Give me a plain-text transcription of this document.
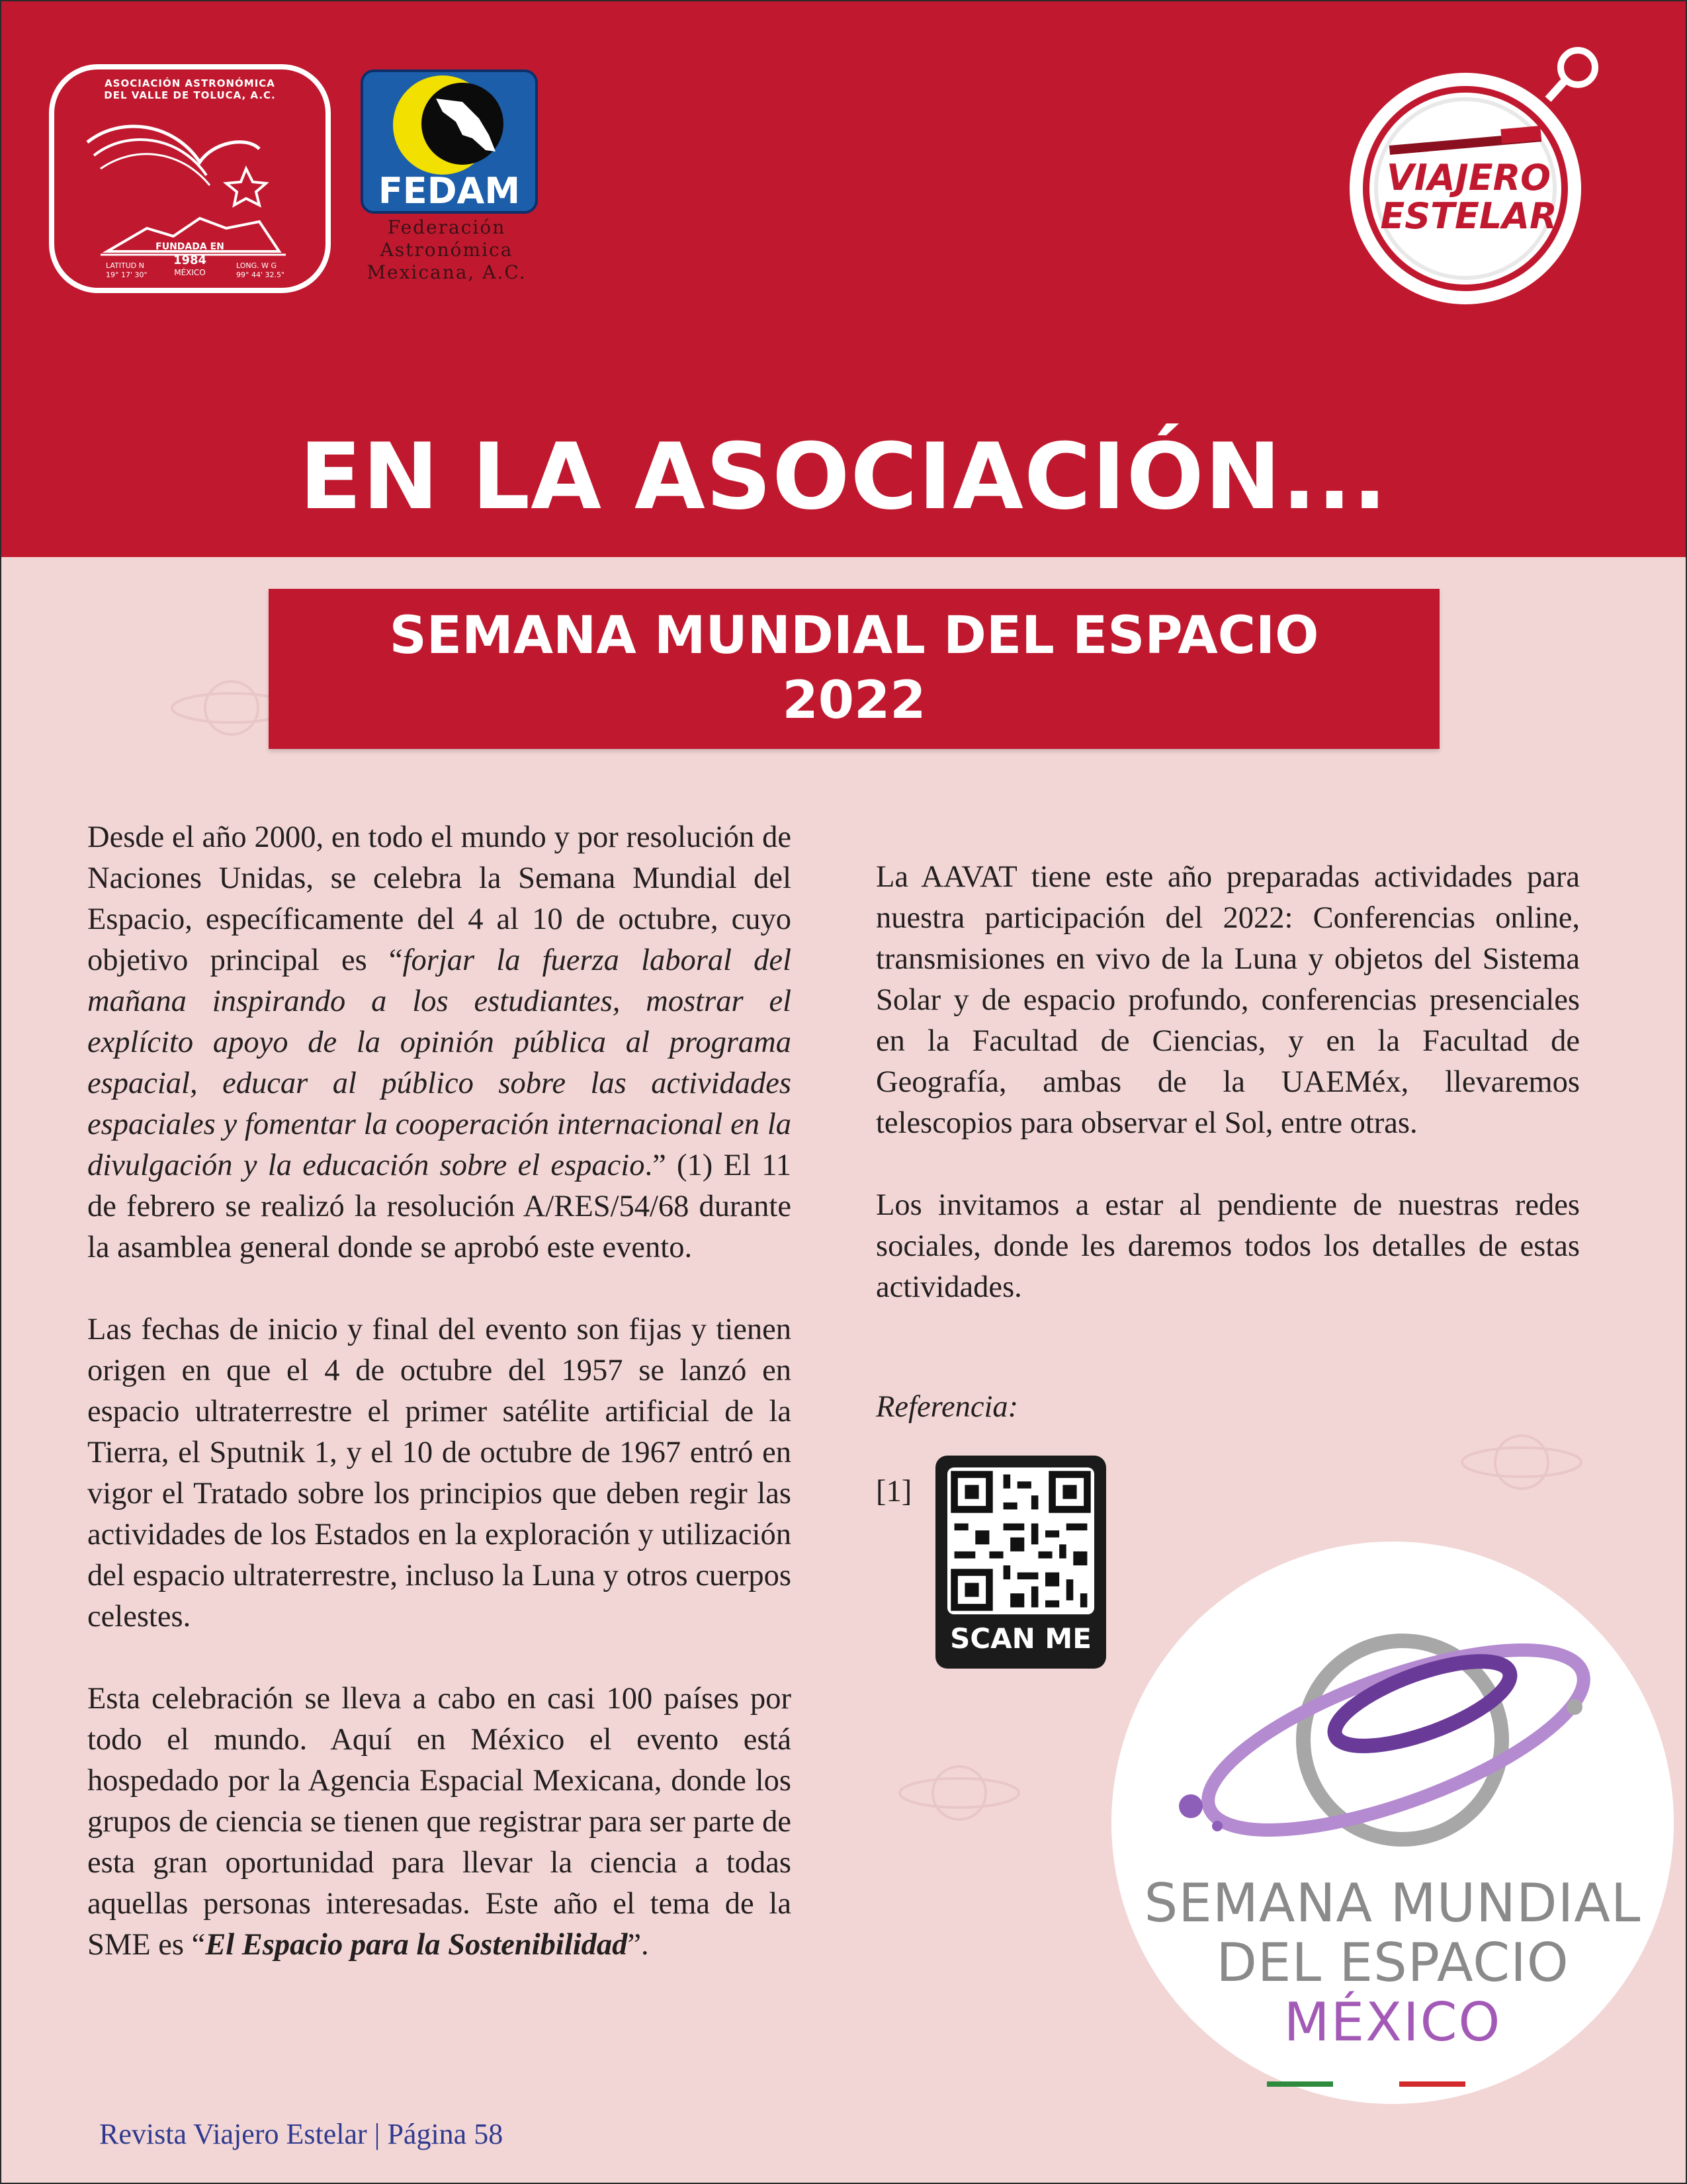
FUNDADA EN
1984
MÉXICO
LATITUD N
19° 17' 30"
LONG. W G
99° 44' 32.5"
ASOCIACIÓN ASTRONÓMICA DEL VALLE DE TOLUCA, A.C.
FEDAM
Federación
Astronómica
Mexicana, A.C.
VIAJERO
ESTELAR
EN LA ASOCIACIÓN...
SEMANA MUNDIAL DEL ESPACIO
2022

Desde el año 2000, en todo el mundo y por resolución de Naciones Unidas, se celebra la Semana Mundial del Espacio, específicamente del 4 al 10 de octubre, cuyo objetivo principal es “forjar la fuerza laboral del mañana inspirando a los estudiantes, mostrar el explícito apoyo de la opinión pública al programa espacial, educar al público sobre las actividades espaciales y fomentar la cooperación internacional en la divulgación y la educación sobre el espacio.” (1) El 11 de febrero se realizó la resolución A/RES/54/68 durante la asamblea general donde se aprobó este evento.

Las fechas de inicio y final del evento son fijas y tienen origen en que el 4 de octubre del 1957 se lanzó en espacio ultraterrestre el primer satélite artificial de la Tierra, el Sputnik 1, y el 10 de octubre de 1967 entró en vigor el Tratado sobre los principios que deben regir las actividades de los Estados en la exploración y utilización del espacio ultraterrestre, incluso la Luna y otros cuerpos celestes.

Esta celebración se lleva a cabo en casi 100 países por todo el mundo. Aquí en México el evento está hospedado por la Agencia Espacial Mexicana, donde los grupos de ciencia se tienen que registrar para ser parte de esta gran oportunidad para llevar la ciencia a todas aquellas personas interesadas. Este año el tema de la SME es “El Espacio para la Sostenibilidad”.

La AAVAT tiene este año preparadas actividades para nuestra participación del 2022: Conferencias online, transmisiones en vivo de la Luna y objetos del Sistema Solar y de espacio profundo, conferencias presenciales en la Facultad de Ciencias, y en la Facultad de Geografía, ambas de la UAEMéx, llevaremos telescopios para observar el Sol, entre otras.

Los invitamos a estar al pendiente de nuestras redes sociales, donde les daremos todos los detalles de estas actividades.

Referencia:
[1]
SCAN ME
SEMANA MUNDIAL
DEL ESPACIO
MÉXICO
Revista Viajero Estelar | Página 58
